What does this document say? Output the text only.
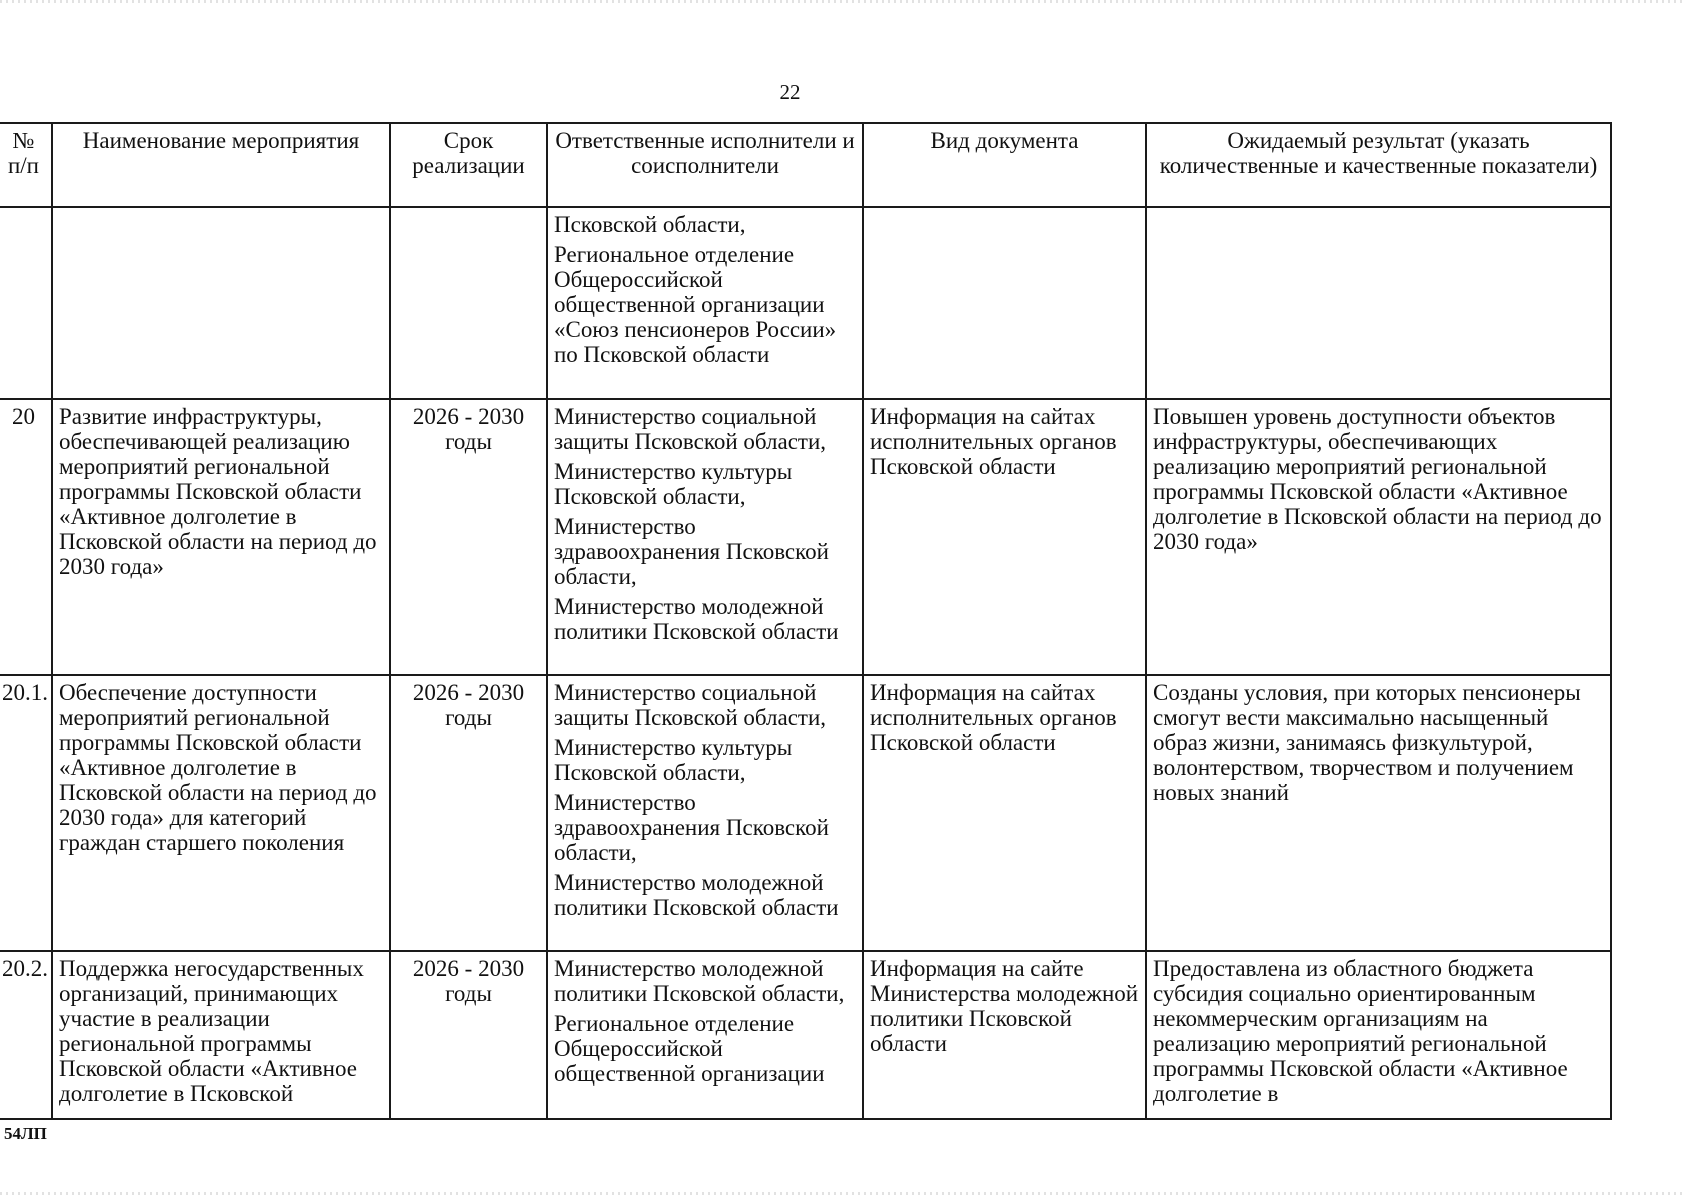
22
№ п/п	Наименование мероприятия	Срок реализации	Ответственные исполнители и соисполнители	Вид документа	Ожидаемый результат (указать количественные и качественные показатели)

			Псковской области,
Региональное отделение Общероссийской общественной организации «Союз пенсионеров России» по Псковской области		

20	Развитие инфраструктуры, обеспечивающей реализацию мероприятий региональной программы Псковской области «Активное долголетие в Псковской области на период до 2030 года»	2026 - 2030 годы	Министерство социальной защиты Псковской области,
Министерство культуры Псковской области,
Министерство здравоохранения Псковской области,
Министерство молодежной политики Псковской области	Информация на сайтах исполнительных органов Псковской области	Повышен уровень доступности объектов инфраструктуры, обеспечивающих реализацию мероприятий региональной программы Псковской области «Активное долголетие в Псковской области на период до 2030 года»
20.1.	Обеспечение доступности мероприятий региональной программы Псковской области «Активное долголетие в Псковской области на период до 2030 года» для категорий граждан старшего поколения	2026 - 2030 годы	Министерство социальной защиты Псковской области,
Министерство культуры Псковской области,
Министерство здравоохранения Псковской области,
Министерство молодежной политики Псковской области	Информация на сайтах исполнительных органов Псковской области	Созданы условия, при которых пенсионеры смогут вести максимально насыщенный образ жизни, занимаясь физкультурой, волонтерством, творчеством и получением новых знаний
20.2.	Поддержка негосударственных организаций, принимающих участие в реализации региональной программы Псковской области «Активное долголетие в Псковской	2026 - 2030 годы	Министерство молодежной политики Псковской области,
Региональное отделение Общероссийской общественной организации	Информация на сайте Министерства молодежной политики Псковской области	Предоставлена из областного бюджета субсидия социально ориентированным некоммерческим организациям на реализацию мероприятий региональной программы Псковской области «Активное долголетие в
54ЛП
